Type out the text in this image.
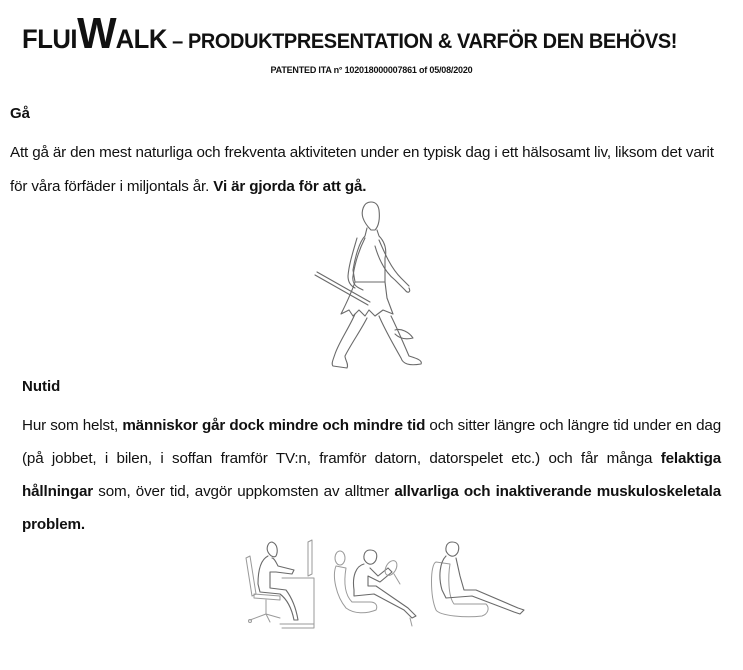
FLUIWALK – PRODUKTPRESENTATION & VARFÖR DEN BEHÖVS!
PATENTED ITA n° 102018000007861 of 05/08/2020
Gå

Att gå är den mest naturliga och frekventa aktiviteten under en typisk dag i ett hälsosamt liv, liksom det varit för våra förfäder i miljontals år. Vi är gjorda för att gå.

Nutid

Hur som helst, människor går dock mindre och mindre tid och sitter längre och längre tid under en dag (på jobbet, i bilen, i soffan framför TV:n, framför datorn, datorspelet etc.) och får många felaktiga hållningar som, över tid, avgör uppkomsten av alltmer allvarliga och inaktiverande muskuloskeletala problem.
